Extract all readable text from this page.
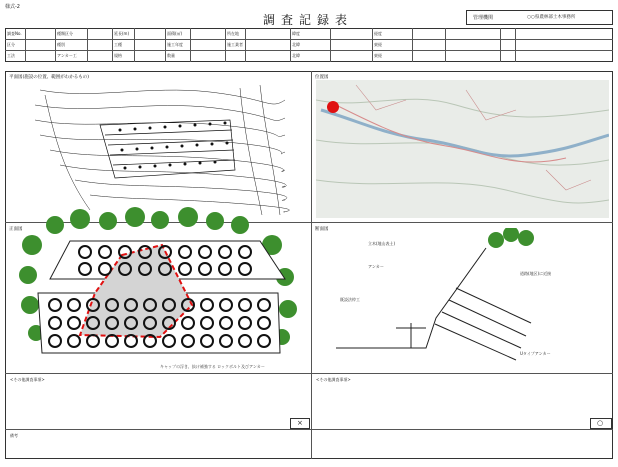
様式-2
調査記録表	管理機関	○○県農林部土木事務所
調査No.	種類区分	延長(m)	面積(㎡)	所在地	緯度	経度
区分	種別	工種	施工年度	施工業者	北緯	東経
工法	アンカー工	規格	数量	北緯	東経
平面図(施設の位置、範囲がわかるもの)	位置図
正面図	断面図
キャップの浮き、抜け補強する ロックボルト及びアンカー
立木(地山表土)
アンカー
道路(地区)に近接
既設法枠工
Uタイプアンカー
<その他調査事項>	<その他調査事項>
×	○
備考
